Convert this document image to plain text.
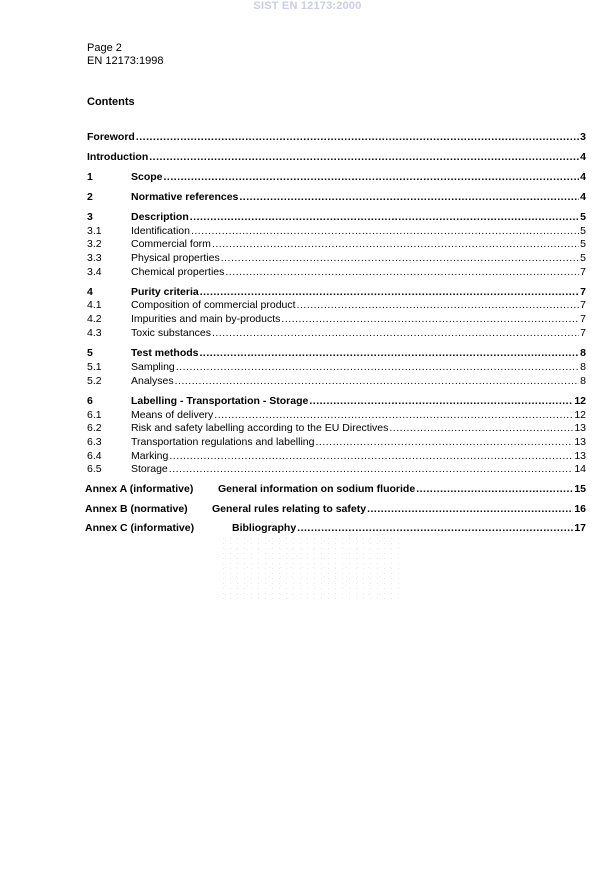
SIST EN 12173:2000
Page 2
EN 12173:1998
Contents
Foreword .....	3
Introduction .....	4
1	Scope .....	4
2	Normative references .....	4
3	Description .....	5
3.1	Identification .....	5
3.2	Commercial form .....	5
3.3	Physical properties .....	5
3.4	Chemical properties .....	7
4	Purity criteria .....	7
4.1	Composition of commercial product .....	7
4.2	Impurities and main by-products .....	7
4.3	Toxic substances .....	7
5	Test methods .....	8
5.1	Sampling .....	8
5.2	Analyses .....	8
6	Labelling - Transportation - Storage .....	12
6.1	Means of delivery .....	12
6.2	Risk and safety labelling according to the EU Directives .....	13
6.3	Transportation regulations and labelling .....	13
6.4	Marking .....	13
6.5	Storage .....	14
Annex A (informative) General information on sodium fluoride .....	15
Annex B (normative) General rules relating to safety .....	16
Annex C (informative)	Bibliography .....	17
